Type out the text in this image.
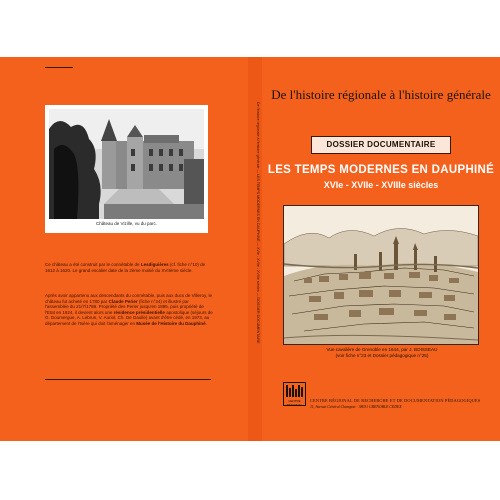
Château de Vizille, vu du parc.
Ce château a été construit par le connétable de Lesdiguières (cf. fiche n°10) de 1612 à 1620. Le grand escalier date de la 2ème moitié du XVIIème siècle.
Après avoir appartenu aux descendants du connétable, puis aux ducs de Villeroy, le château fut acheté en 1780 par Claude Perier (fiche n°24) et illustré par l'assemblée du 21/7/1788. Propriété des Perier jusqu'en 1895, puis propriété de l'Etat en 1924, il devient alors une résidence présidentielle apostolique (séjours de G. Doumergue, A. Lebrun, V. Auriol, Ch. De Gaulle) avant d'être cédé, en 1973, au département de l'Isère qui doit l'aménager en Musée de l'Histoire du Dauphiné.	De l'histoire régionale à l'histoire générale — LES TEMPS MODERNES EN DAUPHINÉ — XVIe - XVIIe - XVIIIe siècles — DOSSIER DOCUMENTAIRE
De l'histoire régionale à l'histoire générale
DOSSIER DOCUMENTAIRE
LES TEMPS MODERNES EN DAUPHINÉ
XVIe - XVIIe - XVIIIe siècles
Vue cavalière de Grenoble en 1644, par J. BOISSEAU
(voir fiche n°23 et Dossier pédagogique n°25)
CENTRE RÉGIONAL
CENTRE RÉGIONAL DE RECHERCHE ET DE DOCUMENTATION PÉDAGOGIQUES
11, Avenue Général Champon - 38031 GRENOBLE CEDEX
